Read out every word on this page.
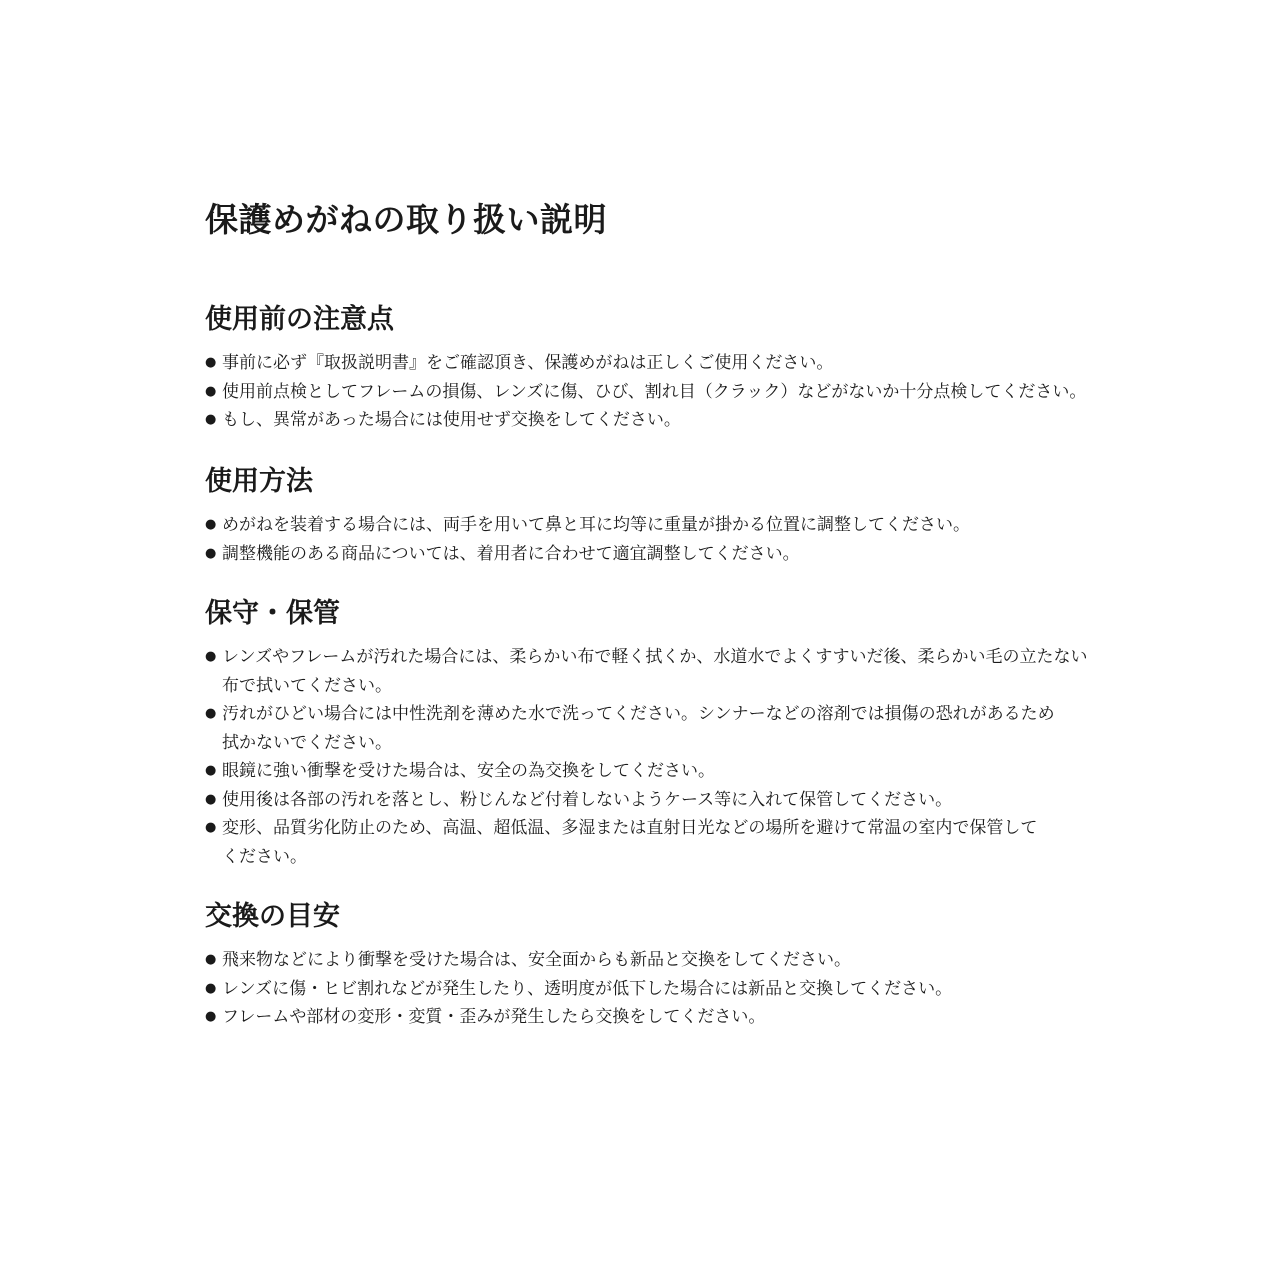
保護めがねの取り扱い説明
使用前の注意点
● 事前に必ず『取扱説明書』をご確認頂き、保護めがねは正しくご使用ください。
● 使用前点検としてフレームの損傷、レンズに傷、ひび、割れ目（クラック）などがないか十分点検してください。
● もし、異常があった場合には使用せず交換をしてください。
使用方法
● めがねを装着する場合には、両手を用いて鼻と耳に均等に重量が掛かる位置に調整してください。
● 調整機能のある商品については、着用者に合わせて適宜調整してください。
保守・保管
● レンズやフレームが汚れた場合には、柔らかい布で軽く拭くか、水道水でよくすすいだ後、柔らかい毛の立たない
布で拭いてください。
● 汚れがひどい場合には中性洗剤を薄めた水で洗ってください。シンナーなどの溶剤では損傷の恐れがあるため
拭かないでください。
● 眼鏡に強い衝撃を受けた場合は、安全の為交換をしてください。
● 使用後は各部の汚れを落とし、粉じんなど付着しないようケース等に入れて保管してください。
● 変形、品質劣化防止のため、高温、超低温、多湿または直射日光などの場所を避けて常温の室内で保管して
ください。
交換の目安
● 飛来物などにより衝撃を受けた場合は、安全面からも新品と交換をしてください。
● レンズに傷・ヒビ割れなどが発生したり、透明度が低下した場合には新品と交換してください。
● フレームや部材の変形・変質・歪みが発生したら交換をしてください。
